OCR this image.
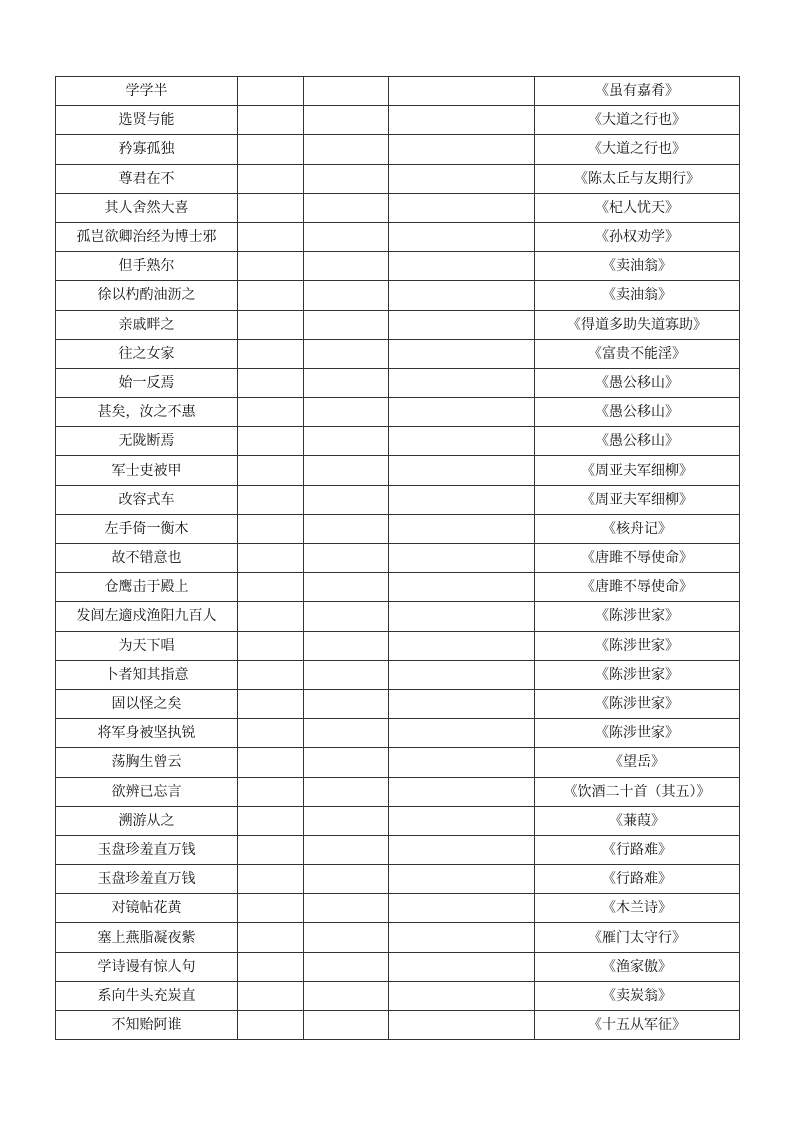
学学半				《虽有嘉肴》
选贤与能				《大道之行也》
矜寡孤独				《大道之行也》
尊君在不				《陈太丘与友期行》
其人舍然大喜				《杞人忧天》
孤岂欲卿治经为博士邪				《孙权劝学》
但手熟尔				《卖油翁》
徐以杓酌油沥之				《卖油翁》
亲戚畔之				《得道多助失道寡助》
往之女家				《富贵不能淫》
始一反焉				《愚公移山》
甚矣，汝之不惠				《愚公移山》
无陇断焉				《愚公移山》
军士吏被甲				《周亚夫军细柳》
改容式车				《周亚夫军细柳》
左手倚一衡木				《核舟记》
故不错意也				《唐雎不辱使命》
仓鹰击于殿上				《唐雎不辱使命》
发闾左適戍渔阳九百人				《陈涉世家》
为天下唱				《陈涉世家》
卜者知其指意				《陈涉世家》
固以怪之矣				《陈涉世家》
将军身被坚执锐				《陈涉世家》
荡胸生曾云				《望岳》
欲辨已忘言				《饮酒二十首（其五）》
溯游从之				《蒹葭》
玉盘珍羞直万钱				《行路难》
玉盘珍羞直万钱				《行路难》
对镜帖花黄				《木兰诗》
塞上燕脂凝夜紫				《雁门太守行》
学诗谩有惊人句				《渔家傲》
系向牛头充炭直				《卖炭翁》
不知贻阿谁				《十五从军征》
